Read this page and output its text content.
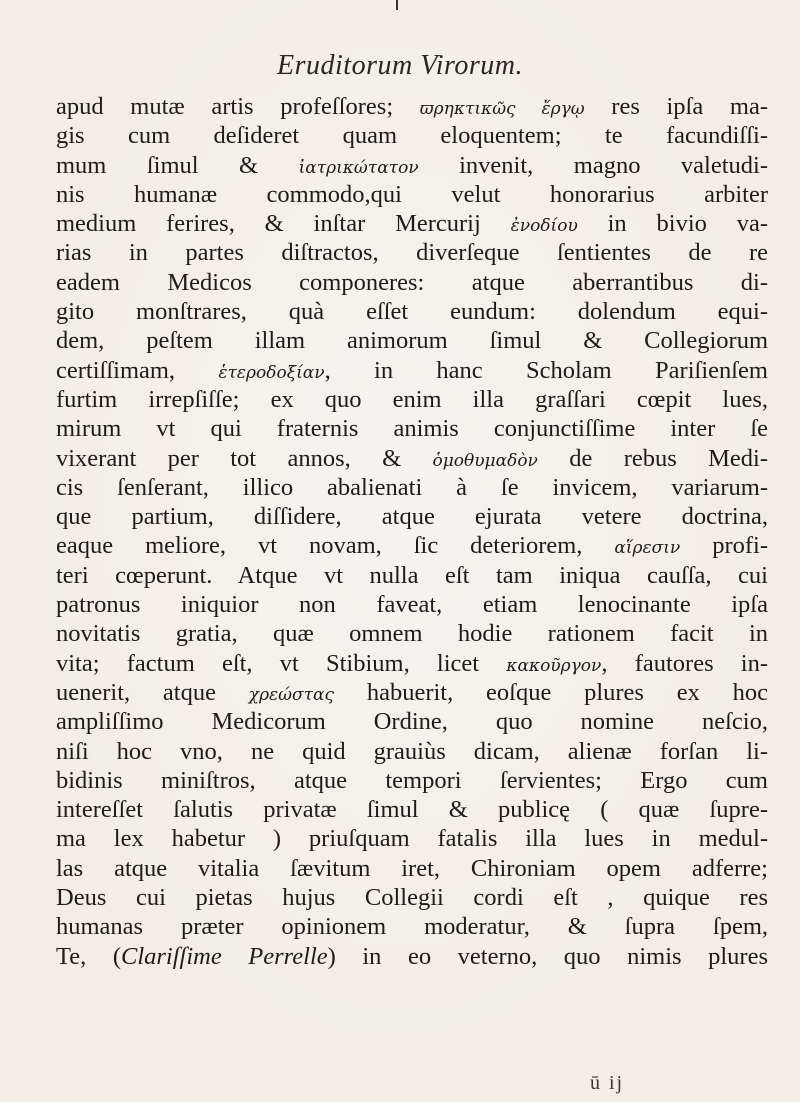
Eruditorum Virorum.
apud mutæ artis profeſſores; ϖρηκτικῶς ἔργῳ res ipſa ma-
gis cum deſideret quam eloquentem; te facundiſſi-
mum ſimul & ἰατρικώτατον invenit, magno valetudi-
nis humanæ commodo,qui velut honorarius arbiter
medium ferires, & inſtar Mercurij ἐνοδίου in bivio va-
rias in partes diſtractos, diverſeque ſentientes de re
eadem Medicos componeres: atque aberrantibus di-
gito monſtrares, quà eſſet eundum: dolendum equi-
dem, peſtem illam animorum ſimul & Collegiorum
certiſſimam, ἑτεροδοξίαν, in hanc Scholam Pariſienſem
furtim irrepſiſſe; ex quo enim illa graſſari cœpit lues,
mirum vt qui fraternis animis conjunctiſſime inter ſe
vixerant per tot annos, & ὁμοθυμαδὸν de rebus Medi-
cis ſenſerant, illico abalienati à ſe invicem, variarum-
que partium, diſſidere, atque ejurata vetere doctrina,
eaque meliore, vt novam, ſic deteriorem, αἵρεσιν profi-
teri cœperunt. Atque vt nulla eſt tam iniqua cauſſa, cui
patronus iniquior non faveat, etiam lenocinante ipſa
novitatis gratia, quæ omnem hodie rationem facit in
vita; factum eſt, vt Stibium, licet κακοῦργον, fautores in-
uenerit, atque χρεώστας habuerit, eoſque plures ex hoc
ampliſſimo Medicorum Ordine, quo nomine neſcio,
niſi hoc vno, ne quid grauiùs dicam, alienæ forſan li-
bidinis miniſtros, atque tempori ſervientes; Ergo cum
intereſſet ſalutis privatæ ſimul & publicę ( quæ ſupre-
ma lex habetur ) priuſquam fatalis illa lues in medul-
las atque vitalia ſævitum iret, Chironiam opem adferre;
Deus cui pietas hujus Collegii cordi eſt , quique res
humanas præter opinionem moderatur, & ſupra ſpem,
Te, (Clariſſime Perrelle) in eo veterno, quo nimis plures
ū ij
